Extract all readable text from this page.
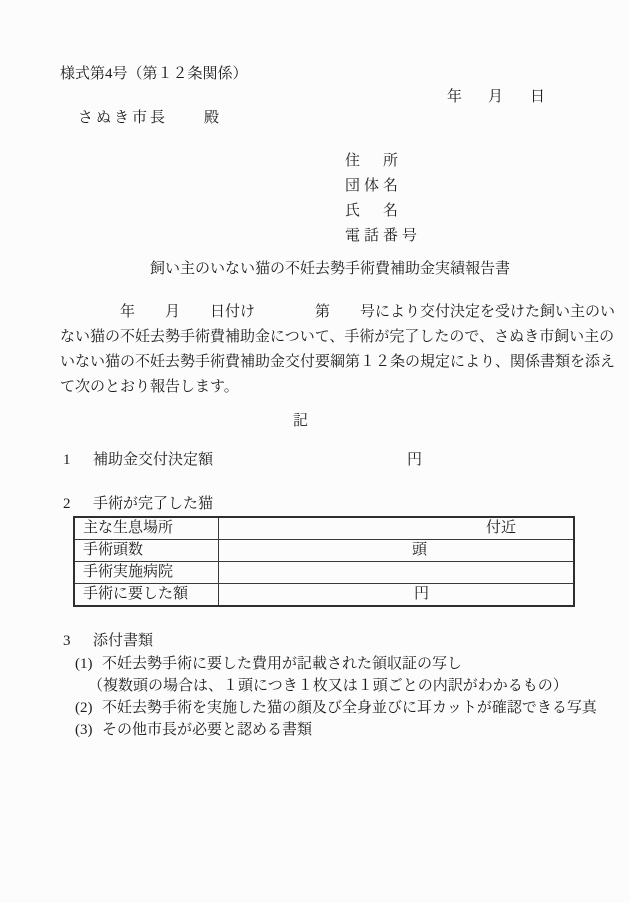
様式第4号（第１２条関係）
年 月 日
さぬき市長　　殿
住　所
団体名
氏　名
電話番号
飼い主のいない猫の不妊去勢手術費補助金実績報告書
　　　　年　　月　　日付け　　　　第　　号により交付決定を受けた飼い主のい
ない猫の不妊去勢手術費補助金について、手術が完了したので、さぬき市飼い主の
いない猫の不妊去勢手術費補助金交付要綱第１２条の規定により、関係書類を添え
て次のとおり報告します。
記
1 補助金交付決定額	円
2 手術が完了した猫
主な生息場所	付近

手術頭数	頭

手術実施病院	

手術に要した額	円
3 添付書類
(1) 不妊去勢手術に要した費用が記載された領収証の写し
（複数頭の場合は、１頭につき１枚又は１頭ごとの内訳がわかるもの）
(2) 不妊去勢手術を実施した猫の顔及び全身並びに耳カットが確認できる写真
(3) その他市長が必要と認める書類
